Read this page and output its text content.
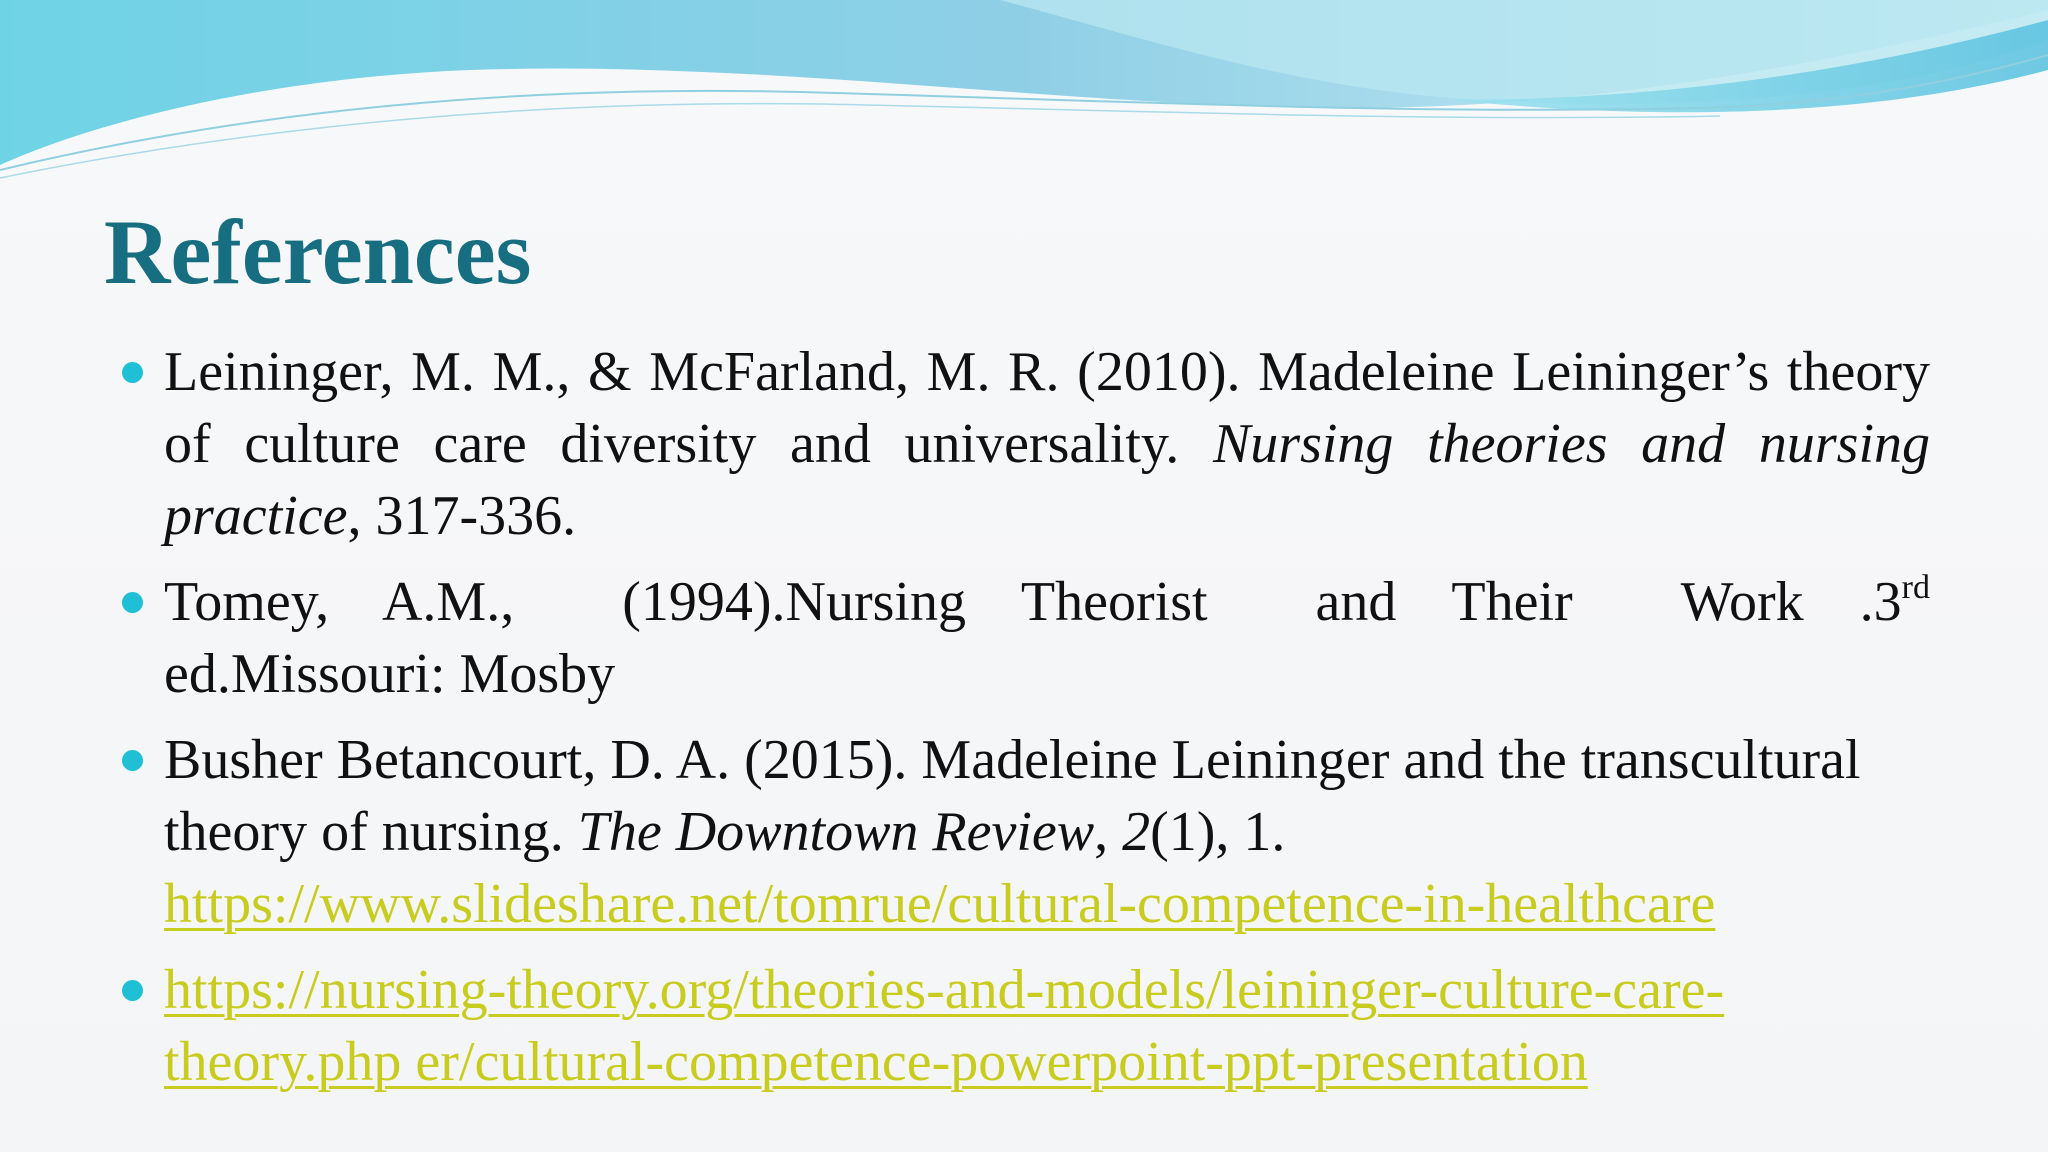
References
Leininger, M. M., & McFarland, M. R. (2010). Madeleine Leininger’s theory of culture care diversity and universality. Nursing theories and nursing practice, 317-336.
Tomey, A.M., (1994).Nursing Theorist and Their Work .3rd ed.Missouri: Mosby
Busher Betancourt, D. A. (2015). Madeleine Leininger and the transcultural theory of nursing. The Downtown Review, 2(1), 1.
https://www.slideshare.net/tomrue/cultural-competence-in-healthcare
https://nursing-theory.org/theories-and-models/leininger-culture-care-
theory.php er/cultural-competence-powerpoint-ppt-presentation
